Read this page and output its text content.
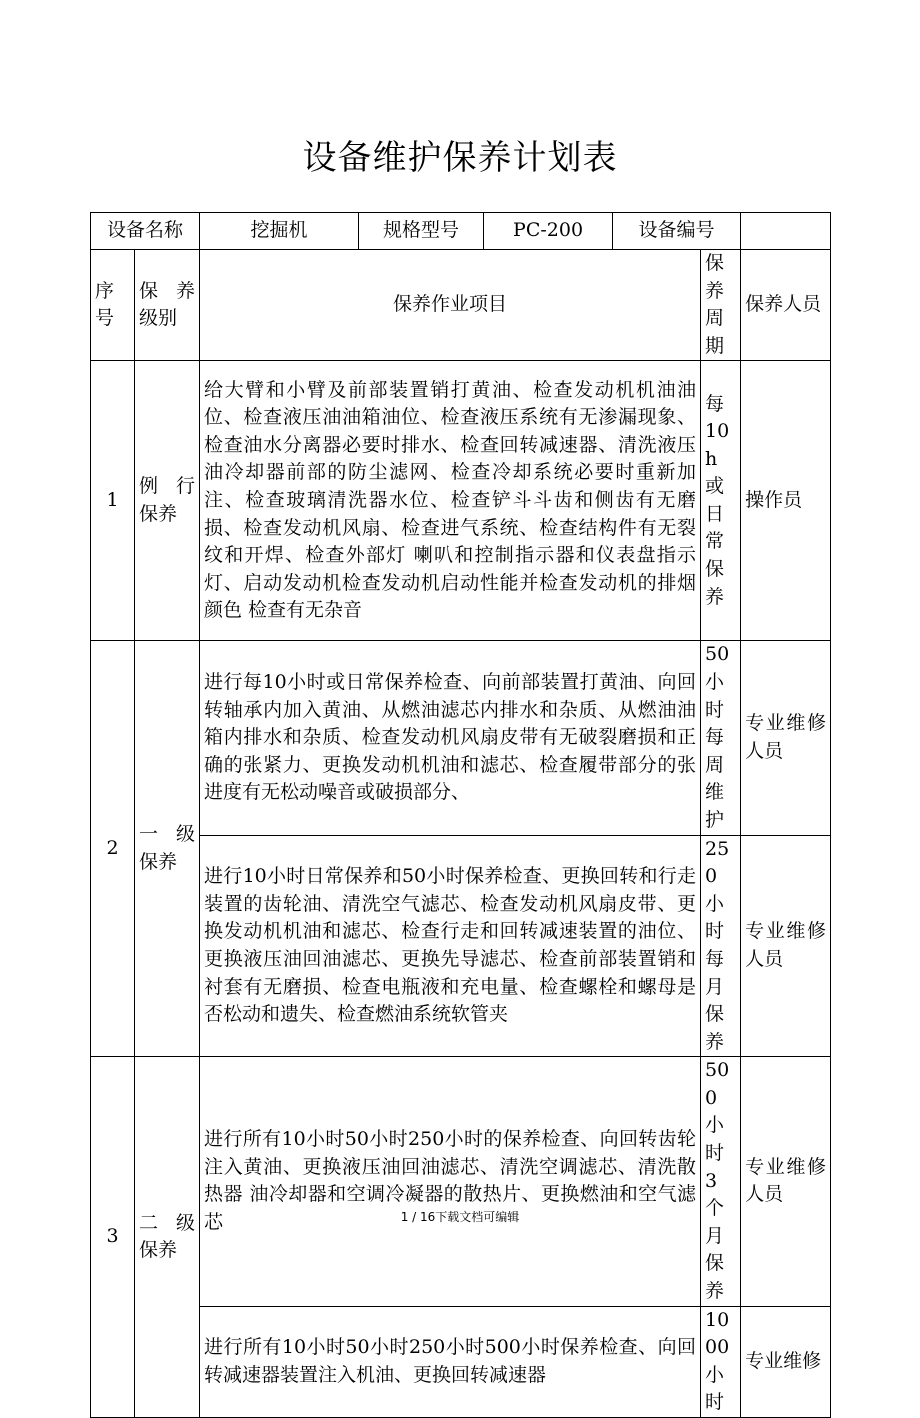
设备维护保养计划表
设备名称		挖掘机	规格型号	PC-200	设备编号		
序号	保养级别	保养作业项目				保养周期	保养人员
1	例行保养	给大臂和小臂及前部装置销打黄油、检查发动机机油油位、检查液压油油箱油位、检查液压系统有无渗漏现象、检查油水分离器必要时排水、检查回转减速器、清洗液压油冷却器前部的防尘滤网、检查冷却系统必要时重新加注、检查玻璃清洗器水位、检查铲斗斗齿和侧齿有无磨损、检查发动机风扇、检查进气系统、检查结构件有无裂纹和开焊、检查外部灯 喇叭和控制指示器和仪表盘指示灯、启动发动机检查发动机启动性能并检查发动机的排烟颜色 检查有无杂音				每10h或日常保养	操作员
2	一级保养	进行每10小时或日常保养检查、向前部装置打黄油、向回转轴承内加入黄油、从燃油滤芯内排水和杂质、从燃油油箱内排水和杂质、检查发动机风扇皮带有无破裂磨损和正确的张紧力、更换发动机机油和滤芯、检查履带部分的张进度有无松动噪音或破损部分、				50小时每周维护	专业维修人员
		进行10小时日常保养和50小时保养检查、更换回转和行走装置的齿轮油、清洗空气滤芯、检查发动机风扇皮带、更换发动机机油和滤芯、检查行走和回转减速装置的油位、更换液压油回油滤芯、更换先导滤芯、检查前部装置销和衬套有无磨损、检查电瓶液和充电量、检查螺栓和螺母是否松动和遗失、检查燃油系统软管夹				250小时每月保养	专业维修人员
3	二级保养	进行所有10小时50小时250小时的保养检查、向回转齿轮注入黄油、更换液压油回油滤芯、清洗空调滤芯、清洗散热器 油冷却器和空调冷凝器的散热片、更换燃油和空气滤芯				500小时3个月保养	专业维修人员
		进行所有10小时50小时250小时500小时保养检查、向回转减速器装置注入机油、更换回转减速器				1000小时	专业维修
1 / 16下载文档可编辑
